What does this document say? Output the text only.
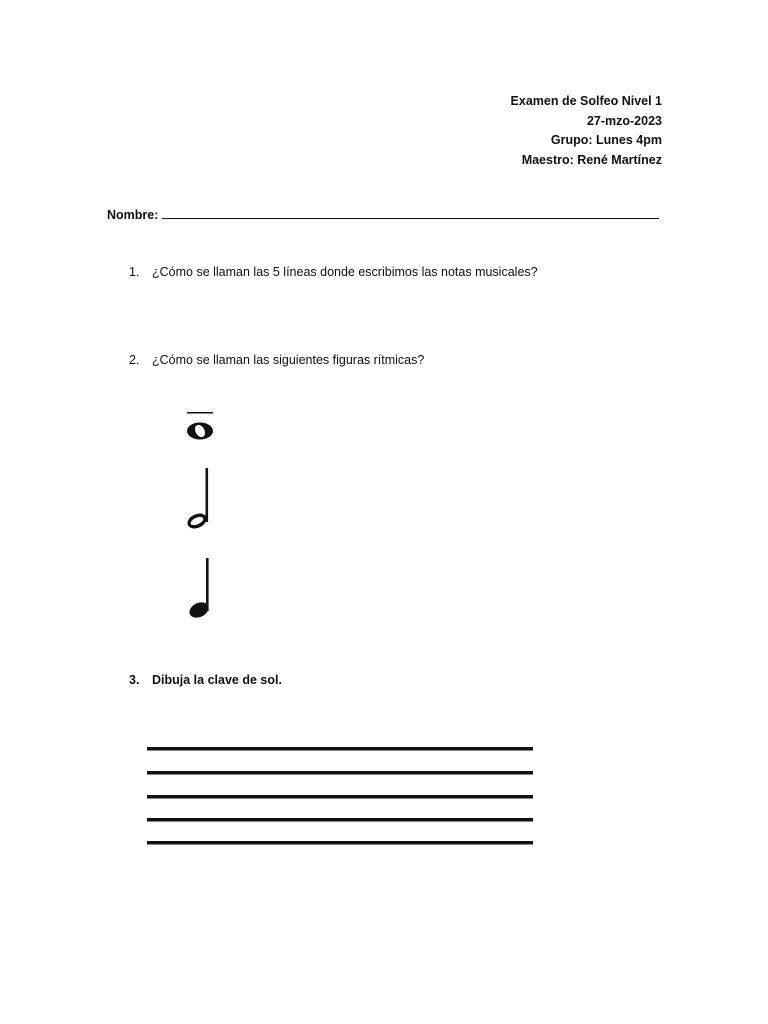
Examen de Solfeo Nivel 1
27-mzo-2023
Grupo: Lunes 4pm
Maestro: René Martínez
Nombre:
1.	¿Cómo se llaman las 5 líneas donde escribimos las notas musicales?
2.	¿Cómo se llaman las siguientes figuras rítmicas?
3.	Dibuja la clave de sol.
